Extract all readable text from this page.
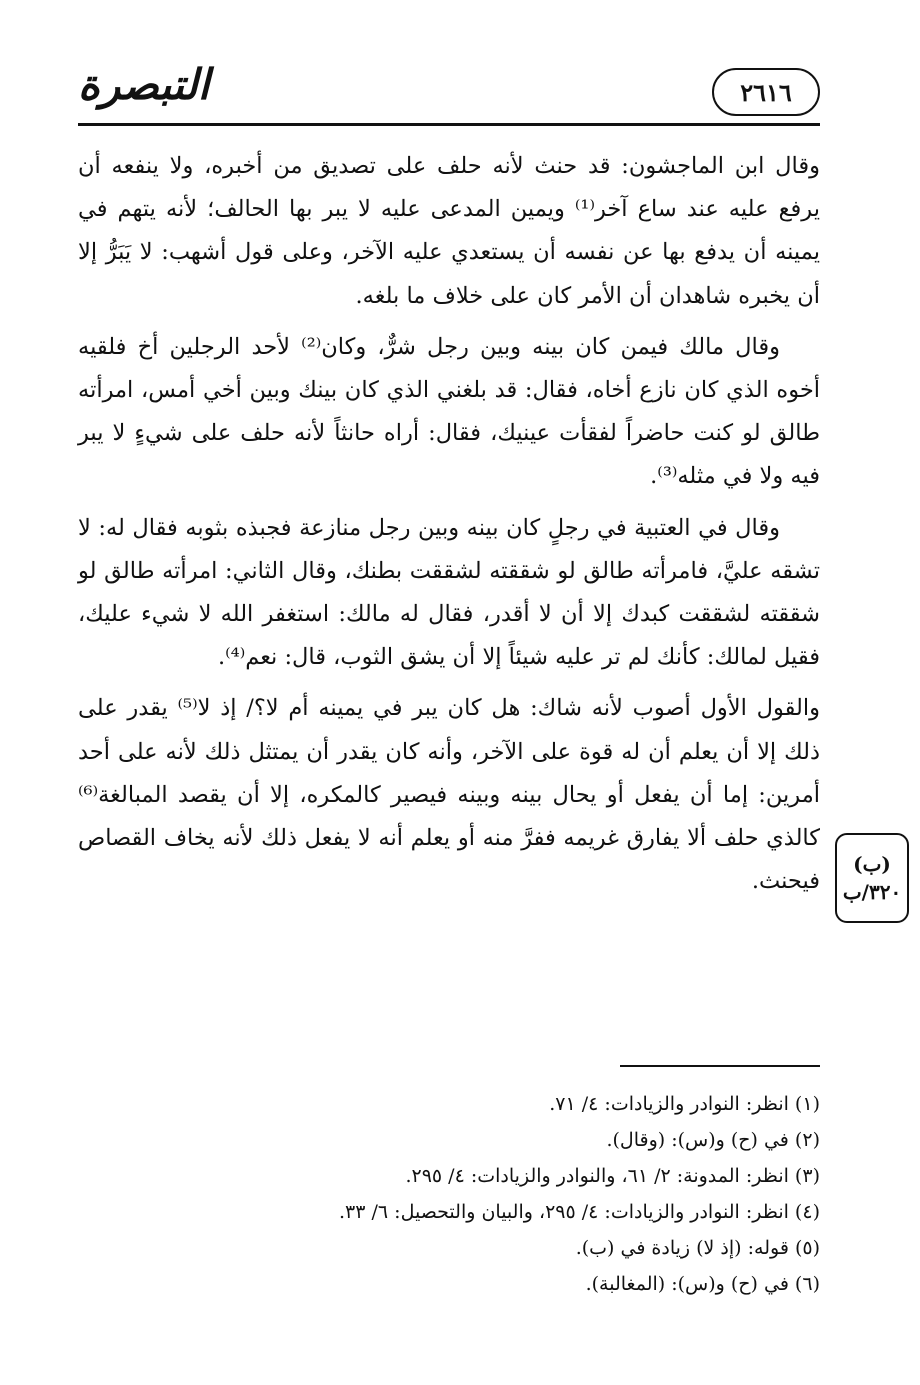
التبصرة	٢٦١٦

وقال ابن الماجشون: قد حنث لأنه حلف على تصديق من أخبره، ولا ينفعه أن يرفع عليه عند ساع آخر⁽¹⁾ ويمين المدعى عليه لا يبر بها الحالف؛ لأنه يتهم في يمينه أن يدفع بها عن نفسه أن يستعدي عليه الآخر، وعلى قول أشهب: لا يَبَرُّ إلا أن يخبره شاهدان أن الأمر كان على خلاف ما بلغه.

وقال مالك فيمن كان بينه وبين رجل شرٌّ، وكان⁽²⁾ لأحد الرجلين أخ فلقيه أخوه الذي كان نازع أخاه، فقال: قد بلغني الذي كان بينك وبين أخي أمس، امرأته طالق لو كنت حاضراً لفقأت عينيك، فقال: أراه حانثاً لأنه حلف على شيءٍ لا يبر فيه ولا في مثله⁽³⁾.

وقال في العتبية في رجلٍ كان بينه وبين رجل منازعة فجبذه بثوبه فقال له: لا تشقه عليَّ، فامرأته طالق لو شققته لشققت بطنك، وقال الثاني: امرأته طالق لو شققته لشققت كبدك إلا أن لا أقدر، فقال له مالك: استغفر الله لا شيء عليك، فقيل لمالك: كأنك لم تر عليه شيئاً إلا أن يشق الثوب، قال: نعم⁽⁴⁾.

والقول الأول أصوب لأنه شاك: هل كان يبر في يمينه أم لا؟/ إذ لا⁽⁵⁾ يقدر على ذلك إلا أن يعلم أن له قوة على الآخر، وأنه كان يقدر أن يمتثل ذلك لأنه على أحد أمرين: إما أن يفعل أو يحال بينه وبينه فيصير كالمكره، إلا أن يقصد المبالغة⁽⁶⁾ كالذي حلف ألا يفارق غريمه ففرَّ منه أو يعلم أنه لا يفعل ذلك لأنه يخاف القصاص فيحنث.

(ب)
٣٢٠/ب

(١) انظر: النوادر والزيادات: ٤/ ٧١.

(٢) في (ح) و(س): (وقال).

(٣) انظر: المدونة: ٢/ ٦١، والنوادر والزيادات: ٤/ ٢٩٥.

(٤) انظر: النوادر والزيادات: ٤/ ٢٩٥، والبيان والتحصيل: ٦/ ٣٣.

(٥) قوله: (إذ لا) زيادة في (ب).

(٦) في (ح) و(س): (المغالبة).
